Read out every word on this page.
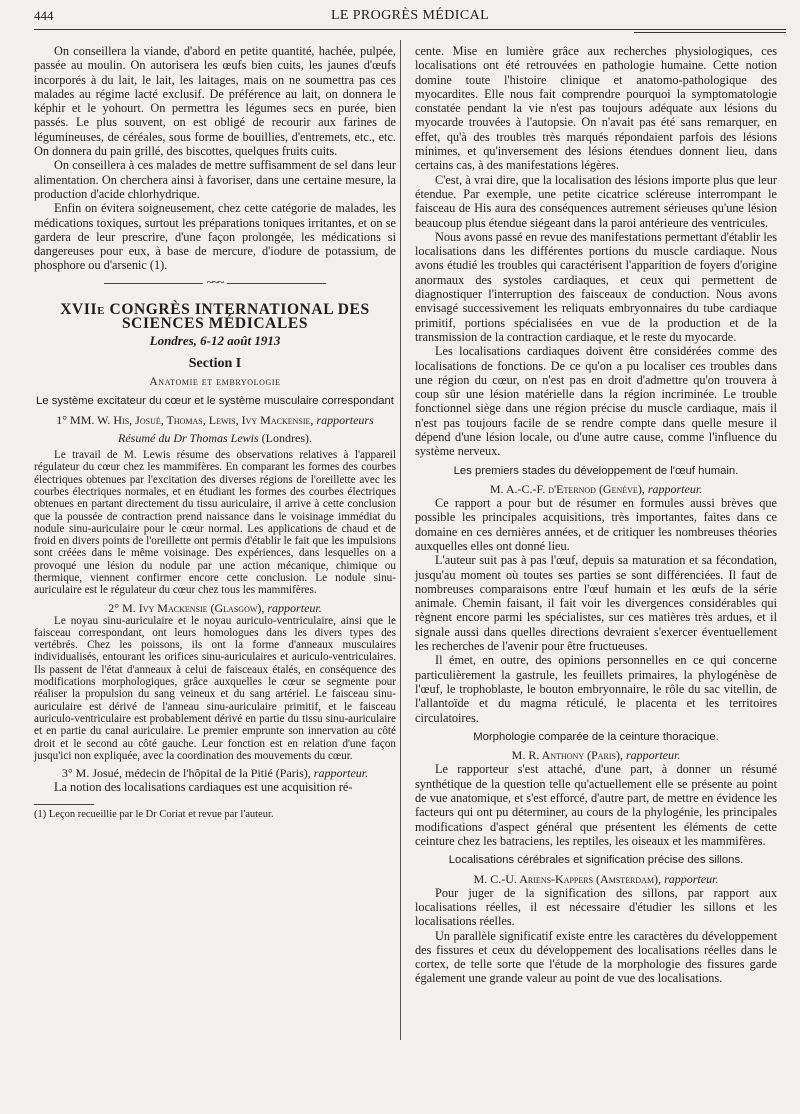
444	LE PROGRÈS MÉDICAL

On conseillera la viande, d'abord en petite quantité, hachée, pulpée, passée au moulin. On autorisera les œufs bien cuits, les jaunes d'œufs incorporés à du lait, le lait, les laitages, mais on ne soumettra pas ces malades au régime lacté exclusif. De préférence au lait, on donnera le képhir et le yohourt. On permettra les légumes secs en purée, bien passés. Le plus souvent, on est obligé de recourir aux farines de légumineuses, de céréales, sous forme de bouillies, d'entremets, etc., etc. On donnera du pain grillé, des biscottes, quelques fruits cuits.

On conseillera à ces malades de mettre suffisamment de sel dans leur alimentation. On cherchera ainsi à favoriser, dans une certaine mesure, la production d'acide chlorhydrique.

Enfin on évitera soigneusement, chez cette catégorie de malades, les médications toxiques, surtout les préparations toniques irritantes, et on se gardera de leur prescrire, d'une façon prolongée, les médications si dangereuses pour eux, à base de mercure, d'iodure de potassium, de phosphore ou d'arsenic (1).

~~~
XVIIe CONGRÈS INTERNATIONAL DES SCIENCES MÉDICALES
Londres, 6-12 août 1913
Section I
Anatomie et embryologie
Le système excitateur du cœur et le système musculaire correspondant
1° MM. W. His, Josué, Thomas, Lewis, Ivy Mackensie, rapporteurs
Résumé du Dr Thomas Lewis (Londres).

Le travail de M. Lewis résume des observations relatives à l'appareil régulateur du cœur chez les mammifères. En comparant les formes des courbes électriques obtenues par l'excitation des diverses régions de l'oreillette avec les courbes électriques normales, et en étudiant les formes des courbes électriques obtenues en partant directement du tissu auriculaire, il arrive à cette conclusion que la poussée de contraction prend naissance dans le voisinage immédiat du nodule sinu-auriculaire pour le cœur normal. Les applications de chaud et de froid en divers points de l'oreillette ont permis d'établir le fait que les impulsions sont créées dans le même voisinage. Des expériences, dans lesquelles on a provoqué une lésion du nodule par une action mécanique, chimique ou thermique, viennent confirmer encore cette conclusion. Le nodule sinu-auriculaire est le régulateur du cœur chez tous les mammifères.

2° M. Ivy Mackensie (Glasgow), rapporteur.

Le noyau sinu-auriculaire et le noyau auriculo-ventriculaire, ainsi que le faisceau correspondant, ont leurs homologues dans les divers types des vertébrés. Chez les poissons, ils ont la forme d'anneaux musculaires individualisés, entourant les orifices sinu-auriculaires et auriculo-ventriculaires. Ils passent de l'état d'anneaux à celui de faisceaux étalés, en conséquence des modifications morphologiques, grâce auxquelles le cœur se segmente pour réaliser la propulsion du sang veineux et du sang artériel. Le faisceau sinu-auriculaire est dérivé de l'anneau sinu-auriculaire primitif, et le faisceau auriculo-ventriculaire est probablement dérivé en partie du tissu sinu-auriculaire et en partie du canal auriculaire. Le premier emprunte son innervation au côté droit et le second au côté gauche. Leur fonction est en relation d'une façon jusqu'ici non expliquée, avec la coordination des mouvements du cœur.

3° M. Josué, médecin de l'hôpital de la Pitié (Paris), rapporteur.

La notion des localisations cardiaques est une acquisition ré-

(1) Leçon recueillie par le Dr Coriat et revue par l'auteur.

cente. Mise en lumière grâce aux recherches physiologiques, ces localisations ont été retrouvées en pathologie humaine. Cette notion domine toute l'histoire clinique et anatomo-pathologique des myocardites. Elle nous fait comprendre pourquoi la symptomatologie constatée pendant la vie n'est pas toujours adéquate aux lésions du myocarde trouvées à l'autopsie. On n'avait pas été sans remarquer, en effet, qu'à des troubles très marqués répondaient parfois des lésions minimes, et qu'inversement des lésions étendues donnent lieu, dans certains cas, à des manifestations légères.

C'est, à vrai dire, que la localisation des lésions importe plus que leur étendue. Par exemple, une petite cicatrice scléreuse interrompant le faisceau de His aura des conséquences autrement sérieuses qu'une lésion beaucoup plus étendue siégeant dans la paroi antérieure des ventricules.

Nous avons passé en revue des manifestations permettant d'établir les localisations dans les différentes portions du muscle cardiaque. Nous avons étudié les troubles qui caractérisent l'apparition de foyers d'origine anormaux des systoles cardiaques, et ceux qui permettent de diagnostiquer l'interruption des faisceaux de conduction. Nous avons envisagé successivement les reliquats embryonnaires du tube cardiaque primitif, portions spécialisées en vue de la production et de la transmission de la contraction cardiaque, et le reste du myocarde.

Les localisations cardiaques doivent être considérées comme des localisations de fonctions. De ce qu'on a pu localiser ces troubles dans une région du cœur, on n'est pas en droit d'admettre qu'on trouvera à coup sûr une lésion matérielle dans la région incriminée. Le trouble fonctionnel siège dans une région précise du muscle cardiaque, mais il n'est pas toujours facile de se rendre compte dans quelle mesure il dépend d'une lésion locale, ou d'une autre cause, comme l'influence du système nerveux.

Les premiers stades du développement de l'œuf humain.
M. A.-C.-F. d'Eternod (Genève), rapporteur.

Ce rapport a pour but de résumer en formules aussi brèves que possible les principales acquisitions, très importantes, faites dans ce domaine en ces dernières années, et de critiquer les nombreuses théories auxquelles elles ont donné lieu.

L'auteur suit pas à pas l'œuf, depuis sa maturation et sa fécondation, jusqu'au moment où toutes ses parties se sont différenciées. Il faut de nombreuses comparaisons entre l'œuf humain et les œufs de la série animale. Chemin faisant, il fait voir les divergences considérables qui règnent encore parmi les spécialistes, sur ces matières très ardues, et il signale aussi dans quelles directions devraient s'exercer éventuellement les recherches de l'avenir pour être fructueuses.

Il émet, en outre, des opinions personnelles en ce qui concerne particulièrement la gastrule, les feuillets primaires, la phylogénèse de l'œuf, le trophoblaste, le bouton embryonnaire, le rôle du sac vitellin, de l'allantoïde et du magma réticulé, le placenta et les territoires circulatoires.

Morphologie comparée de la ceinture thoracique.
M. R. Anthony (Paris), rapporteur.

Le rapporteur s'est attaché, d'une part, à donner un résumé synthétique de la question telle qu'actuellement elle se présente au point de vue anatomique, et s'est efforcé, d'autre part, de mettre en évidence les facteurs qui ont pu déterminer, au cours de la phylogénie, les principales modifications d'aspect général que présentent les éléments de cette ceinture chez les batraciens, les reptiles, les oiseaux et les mammifères.

Localisations cérébrales et signification précise des sillons.
M. C.-U. Ariens-Kappers (Amsterdam), rapporteur.

Pour juger de la signification des sillons, par rapport aux localisations réelles, il est nécessaire d'étudier les sillons et les localisations réelles.

Un parallèle significatif existe entre les caractères du développement des fissures et ceux du développement des localisations réelles dans le cortex, de telle sorte que l'étude de la morphologie des fissures garde également une grande valeur au point de vue des localisations.
